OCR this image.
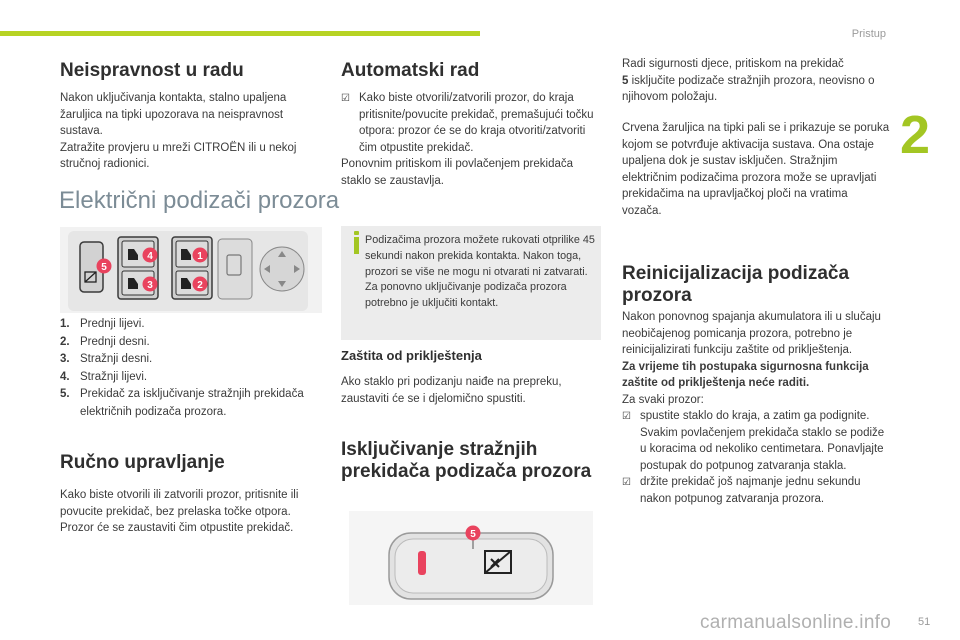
Pristup
2
Neispravnost u radu

Nakon uključivanja kontakta, stalno upaljena žaruljica na tipki upozorava na neispravnost sustava.

Zatražite provjeru u mreži CITROËN ili u nekoj stručnoj radionici.

Električni podizači prozora
5
4
3
1
2
1. Prednji lijevi.
2. Prednji desni.
3. Stražnji desni.
4. Stražnji lijevi.
5. Prekidač za isključivanje stražnjih prekidača električnih podizača prozora.
Ručno upravljanje
Kako biste otvorili ili zatvorili prozor, pritisnite ili povucite prekidač, bez prelaska točke otpora. Prozor će se zaustaviti čim otpustite prekidač.
Automatski rad
☑ Kako biste otvorili/zatvorili prozor, do kraja pritisnite/povucite prekidač, premašujući točku otpora: prozor će se do kraja otvoriti/zatvoriti čim otpustite prekidač.

Ponovnim pritiskom ili povlačenjem prekidača staklo se zaustavlja.

Podizačima prozora možete rukovati otprilike 45 sekundi nakon prekida kontakta. Nakon toga, prozori se više ne mogu ni otvarati ni zatvarati. Za ponovno uključivanje podizača prozora potrebno je uključiti kontakt.
Zaštita od priklještenja
Ako staklo pri podizanju naiđe na prepreku, zaustaviti će se i djelomično spustiti.
Isključivanje stražnjih prekidača podizača prozora
5

Radi sigurnosti djece, pritiskom na prekidač
5 isključite podizače stražnjih prozora, neovisno o njihovom položaju.

Crvena žaruljica na tipki pali se i prikazuje se poruka kojom se potvrđuje aktivacija sustava. Ona ostaje upaljena dok je sustav isključen. Stražnjim električnim podizačima prozora može se upravljati prekidačima na upravljačkoj ploči na vratima vozača.
Reinicijalizacija podizača prozora

Nakon ponovnog spajanja akumulatora ili u slučaju neobičajenog pomicanja prozora, potrebno je reinicijalizirati funkciju zaštite od priklještenja.

Za vrijeme tih postupaka sigurnosna funkcija zaštite od priklještenja neće raditi.

Za svaki prozor:

☑ spustite staklo do kraja, a zatim ga podignite. Svakim povlačenjem prekidača staklo se podiže u koracima od nekoliko centimetara. Ponavljajte postupak do potpunog zatvaranja stakla.
☑ držite prekidač još najmanje jednu sekundu nakon potpunog zatvaranja prozora.
51
carmanualsonline.info
